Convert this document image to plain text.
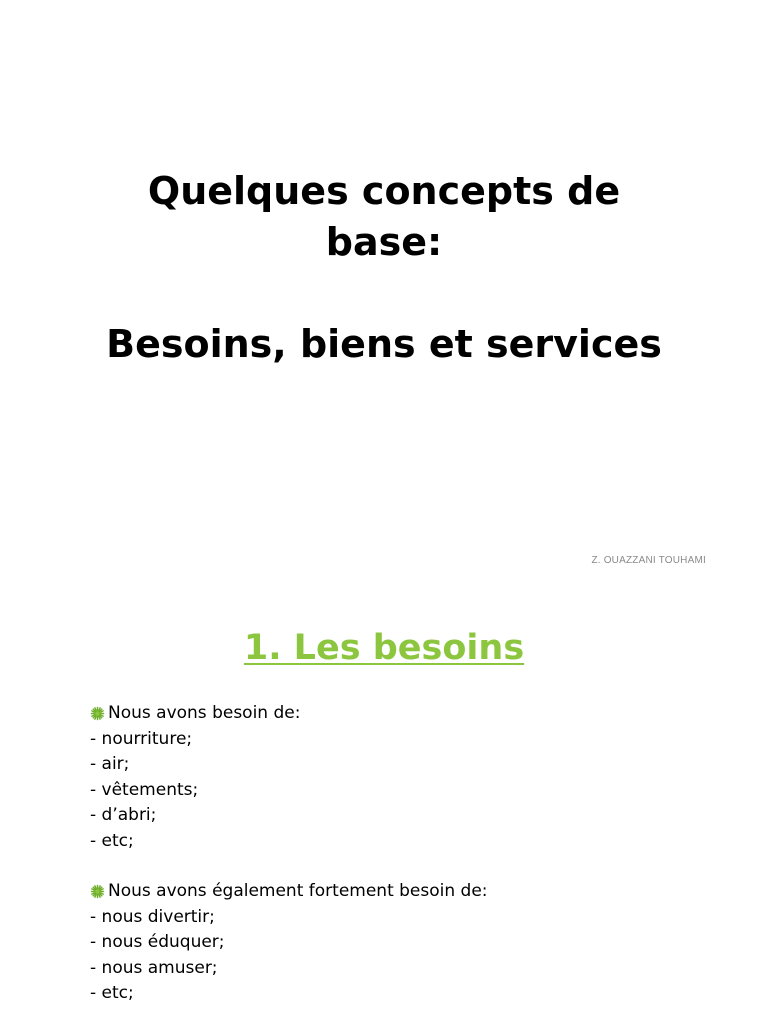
Quelques concepts de
base:
Besoins, biens et services
Z. OUAZZANI TOUHAMI
1. Les besoins
Nous avons besoin de:
- nourriture;
- air;
- vêtements;
- d’abri;
- etc;
Nous avons également fortement besoin de:
- nous divertir;
- nous éduquer;
- nous amuser;
- etc;
